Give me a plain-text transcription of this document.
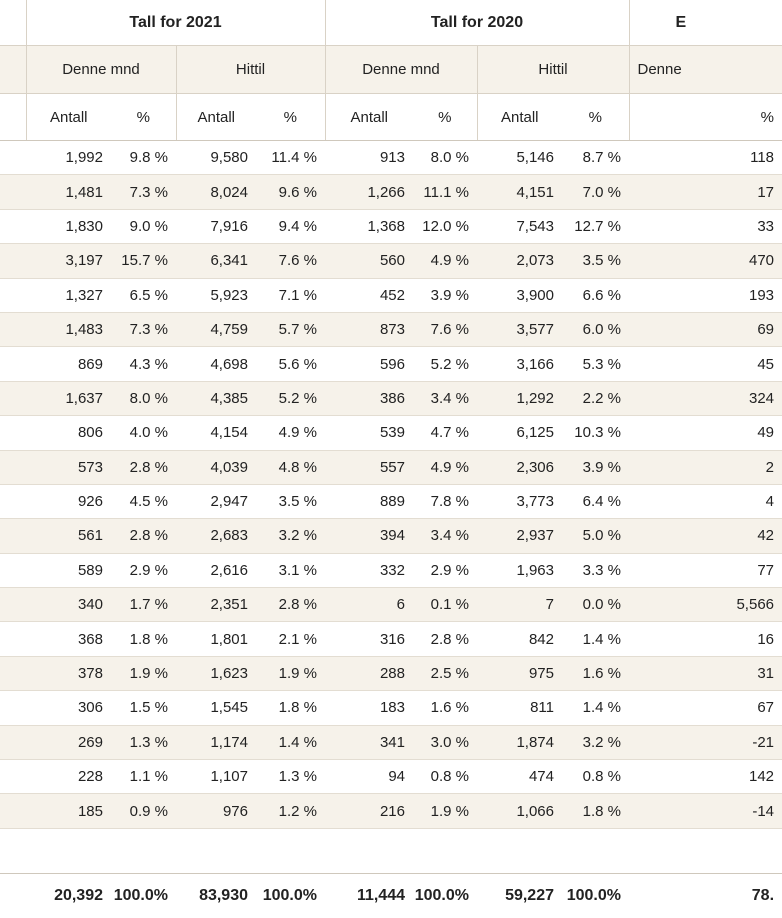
	Tall for 2021				Tall for 2020				E
	Denne mnd		Hittil		Denne mnd		Hittil		Denne
	Antall	%	Antall	%	Antall	%	Antall	%	%
	1,992	9.8 %	9,580	11.4 %	913	8.0 %	5,146	8.7 %	118
	1,481	7.3 %	8,024	9.6 %	1,266	11.1 %	4,151	7.0 %	17
	1,830	9.0 %	7,916	9.4 %	1,368	12.0 %	7,543	12.7 %	33
	3,197	15.7 %	6,341	7.6 %	560	4.9 %	2,073	3.5 %	470
	1,327	6.5 %	5,923	7.1 %	452	3.9 %	3,900	6.6 %	193
	1,483	7.3 %	4,759	5.7 %	873	7.6 %	3,577	6.0 %	69
	869	4.3 %	4,698	5.6 %	596	5.2 %	3,166	5.3 %	45
	1,637	8.0 %	4,385	5.2 %	386	3.4 %	1,292	2.2 %	324
	806	4.0 %	4,154	4.9 %	539	4.7 %	6,125	10.3 %	49
	573	2.8 %	4,039	4.8 %	557	4.9 %	2,306	3.9 %	2
	926	4.5 %	2,947	3.5 %	889	7.8 %	3,773	6.4 %	4
	561	2.8 %	2,683	3.2 %	394	3.4 %	2,937	5.0 %	42
	589	2.9 %	2,616	3.1 %	332	2.9 %	1,963	3.3 %	77
	340	1.7 %	2,351	2.8 %	6	0.1 %	7	0.0 %	5,566
	368	1.8 %	1,801	2.1 %	316	2.8 %	842	1.4 %	16
	378	1.9 %	1,623	1.9 %	288	2.5 %	975	1.6 %	31
	306	1.5 %	1,545	1.8 %	183	1.6 %	811	1.4 %	67
	269	1.3 %	1,174	1.4 %	341	3.0 %	1,874	3.2 %	-21
	228	1.1 %	1,107	1.3 %	94	0.8 %	474	0.8 %	142
	185	0.9 %	976	1.2 %	216	1.9 %	1,066	1.8 %	-14

	20,392	100.0%	83,930	100.0%	11,444	100.0%	59,227	100.0%	78.
